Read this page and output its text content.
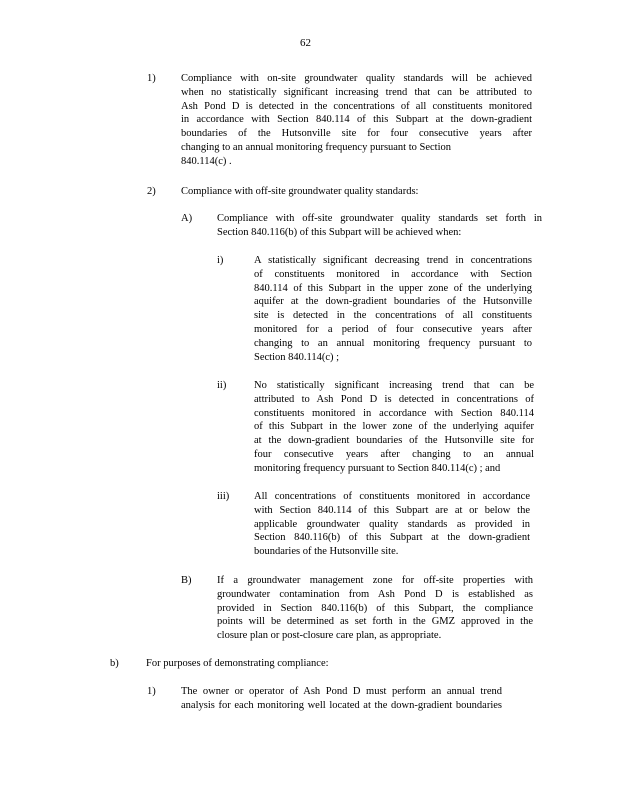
62
1) Compliance with on-site groundwater quality standards will be achieved
when no statistically significant increasing trend that can be attributed to
Ash Pond D is detected in the concentrations of all constituents monitored
in accordance with Section 840.114 of this Subpart at the down-gradient
boundaries of the Hutsonville site for four consecutive years after
changing to an annual monitoring frequency pursuant to Section
840.114(c) .
2) Compliance with off-site groundwater quality standards:
A) Compliance with off-site groundwater quality standards set forth in
Section 840.116(b) of this Subpart will be achieved when:
i)	A statistically significant decreasing trend in concentrations
of constituents monitored in accordance with Section
840.114 of this Subpart in the upper zone of the underlying
aquifer at the down-gradient boundaries of the Hutsonville
site is detected in the concentrations of all constituents
monitored for a period of four consecutive years after
changing to an annual monitoring frequency pursuant to
Section 840.114(c) ;
ii)	No statistically significant increasing trend that can be
attributed to Ash Pond D is detected in concentrations of
constituents monitored in accordance with Section 840.114
of this Subpart in the lower zone of the underlying aquifer
at the down-gradient boundaries of the Hutsonville site for
four consecutive years after changing to an annual
monitoring frequency pursuant to Section 840.114(c) ; and
iii) All concentrations of constituents monitored in accordance
with Section 840.114 of this Subpart are at or below the
applicable groundwater quality standards as provided in
Section 840.116(b) of this Subpart at the down-gradient
boundaries of the Hutsonville site.
B) If a groundwater management zone for off-site properties with
groundwater contamination from Ash Pond D is established as
provided in Section 840.116(b) of this Subpart, the compliance
points will be determined as set forth in the GMZ approved in the
closure plan or post-closure care plan, as appropriate.
b)	For purposes of demonstrating compliance:
1) The owner or operator of Ash Pond D must perform an annual trend
analysis for each monitoring well located at the down-gradient boundaries
